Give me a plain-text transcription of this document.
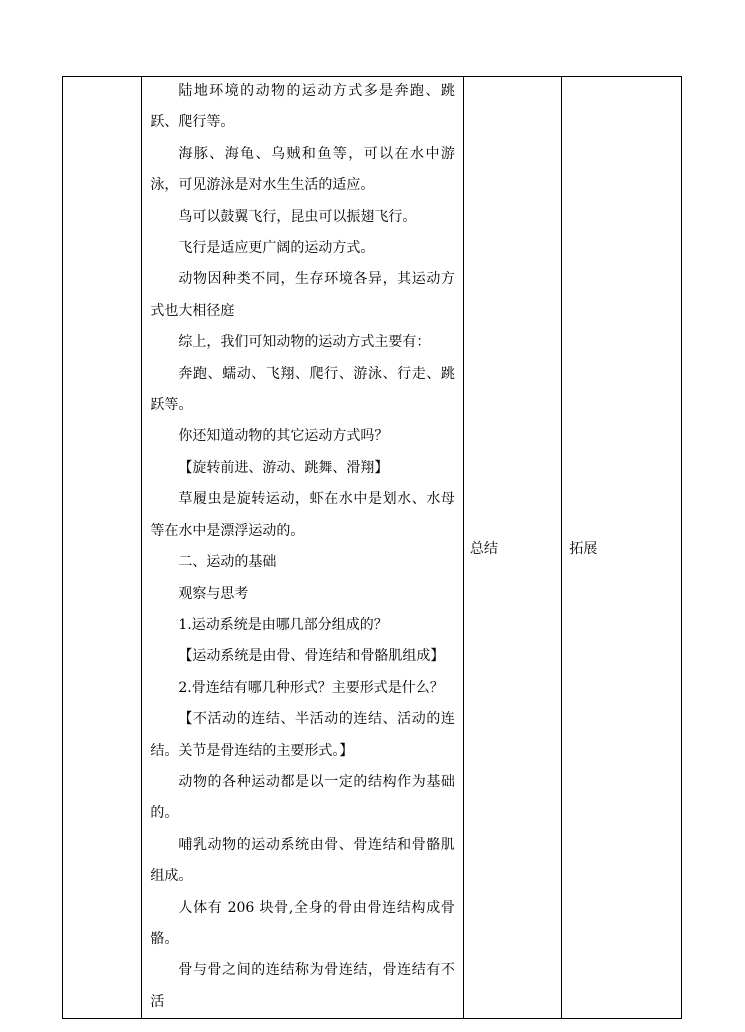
陆地环境的动物的运动方式多是奔跑、跳跃、爬行等。

海豚、海龟、乌贼和鱼等，可以在水中游泳，可见游泳是对水生生活的适应。

鸟可以鼓翼飞行，昆虫可以振翅飞行。

飞行是适应更广阔的运动方式。

动物因种类不同，生存环境各异，其运动方式也大相径庭

综上，我们可知动物的运动方式主要有：

奔跑、蠕动、飞翔、爬行、游泳、行走、跳跃等。

你还知道动物的其它运动方式吗？

【旋转前进、游动、跳舞、滑翔】

草履虫是旋转运动，虾在水中是划水、水母等在水中是漂浮运动的。

二、运动的基础

观察与思考

1.运动系统是由哪几部分组成的？

【运动系统是由骨、骨连结和骨骼肌组成】

2.骨连结有哪几种形式？主要形式是什么？

【不活动的连结、半活动的连结、活动的连结。关节是骨连结的主要形式。】

动物的各种运动都是以一定的结构作为基础的。

哺乳动物的运动系统由骨、骨连结和骨骼肌组成。

人体有 206 块骨,全身的骨由骨连结构成骨骼。

骨与骨之间的连结称为骨连结，骨连结有不活

	总结	拓展
